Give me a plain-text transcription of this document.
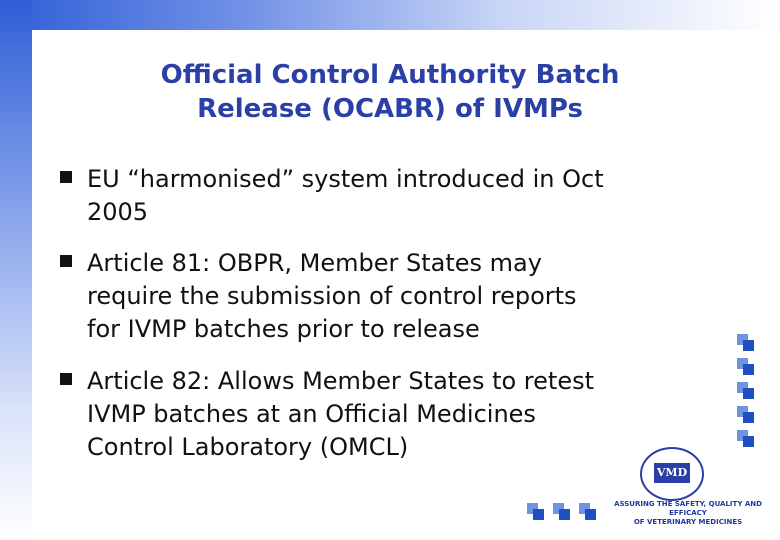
Official Control Authority Batch
Release (OCABR) of IVMPs
EU “harmonised” system introduced in Oct
2005
Article 81: OBPR, Member States may
require the submission of control reports
for IVMP batches prior to release
Article 82: Allows Member States to retest
IVMP batches at an Official Medicines
Control Laboratory (OMCL)
VMD
ASSURING THE SAFETY, QUALITY AND EFFICACY
OF VETERINARY MEDICINES
